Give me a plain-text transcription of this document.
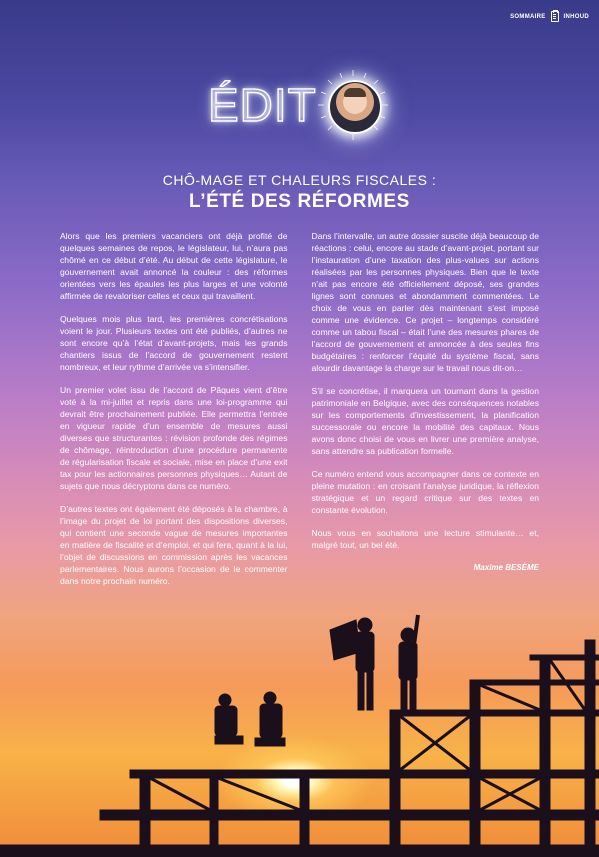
SOMMAIRE	INHOUD
ÉDIT
CHÔ-MAGE ET CHALEURS FISCALES :
L’ÉTÉ DES RÉFORMES

Alors que les premiers vacanciers ont déjà profité de quelques semaines de repos, le législateur, lui, n’aura pas chômé en ce début d’été. Au début de cette législature, le gouvernement avait annoncé la couleur : des réformes orientées vers les épaules les plus larges et une volonté affirmée de revaloriser celles et ceux qui travaillent.

Quelques mois plus tard, les premières concrétisations voient le jour. Plusieurs textes ont été publiés, d’autres ne sont encore qu’à l’état d’avant-projets, mais les grands chantiers issus de l’accord de gouvernement restent nombreux, et leur rythme d’arrivée va s’intensifier.

Un premier volet issu de l’accord de Pâques vient d’être voté à la mi-juillet et repris dans une loi-programme qui devrait être prochainement publiée. Elle permettra l’entrée en vigueur rapide d’un ensemble de mesures aussi diverses que structurantes : révision profonde des régimes de chômage, réintroduction d’une procédure permanente de régularisation fiscale et sociale, mise en place d’une exit tax pour les actionnaires personnes physiques… Autant de sujets que nous décryptons dans ce numéro.

D’autres textes ont également été déposés à la chambre, à l’image du projet de loi portant des dispositions diverses, qui contient une seconde vague de mesures importantes en matière de fiscalité et d’emploi, et qui fera, quant à la lui, l’objet de discussions en commission après les vacances parlementaires. Nous aurons l’occasion de le commenter dans notre prochain numéro.

Dans l’intervalle, un autre dossier suscite déjà beaucoup de réactions : celui, encore au stade d’avant-projet, portant sur l’instauration d’une taxation des plus-values sur actions réalisées par les personnes physiques. Bien que le texte n’ait pas encore été officiellement déposé, ses grandes lignes sont connues et abondamment commentées. Le choix de vous en parler dès maintenant s’est imposé comme une évidence. Ce projet – longtemps considéré comme un tabou fiscal – était l’une des mesures phares de l’accord de gouvernement et annoncée à des seules fins budgétaires : renforcer l’équité du système fiscal, sans alourdir davantage la charge sur le travail nous dit-on…

S’il se concrétise, il marquera un tournant dans la gestion patrimoniale en Belgique, avec des conséquences notables sur les comportements d’investissement, la planification successorale ou encore la mobilité des capitaux. Nous avons donc choisi de vous en livrer une première analyse, sans attendre sa publication formelle.

Ce numéro entend vous accompagner dans ce contexte en pleine mutation : en croisant l’analyse juridique, la réflexion stratégique et un regard critique sur des textes en constante évolution.

Nous vous en souhaitons une lecture stimulante… et, malgré tout, un bel été.

Maxime BESÈME
